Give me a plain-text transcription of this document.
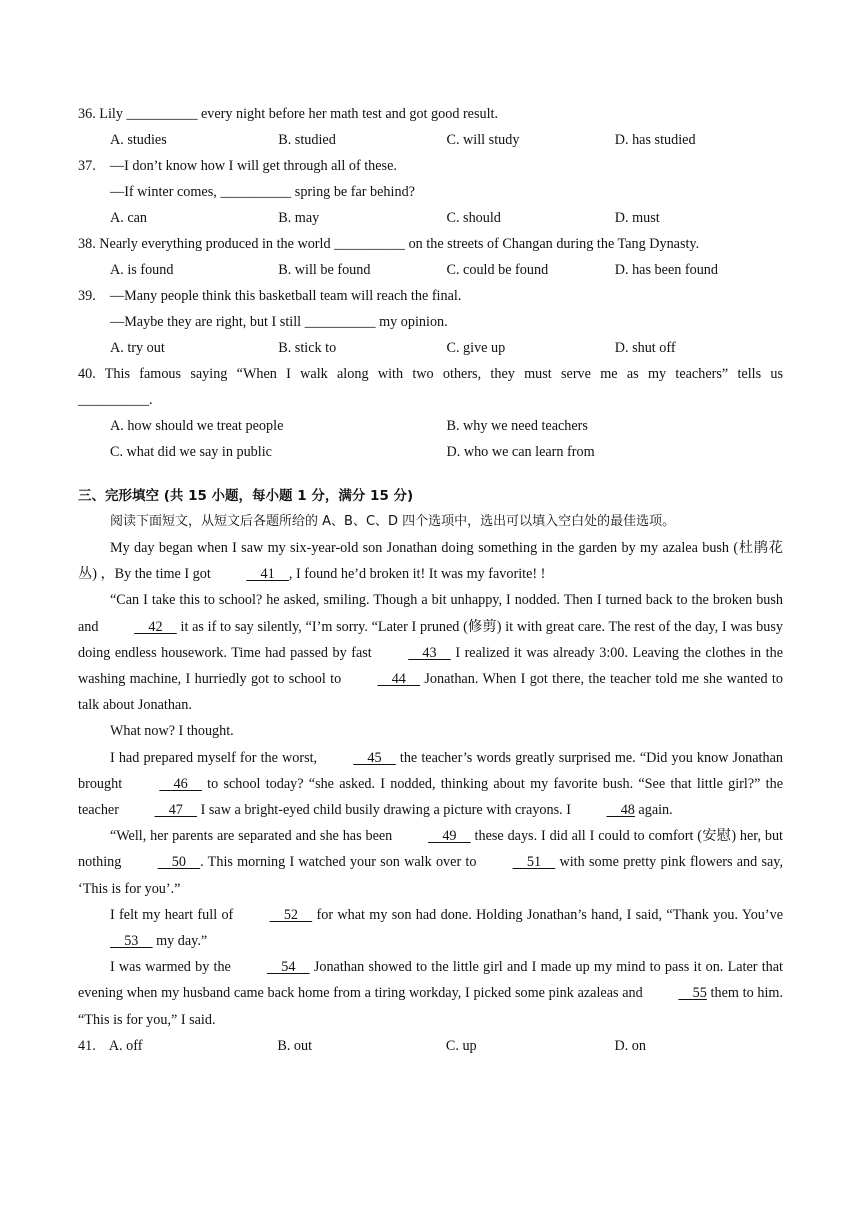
36. Lily __________ every night before her math test and got good result.
A. studies	B. studied	C. will study	D. has studied
37.    —I don’t know how I will get through all of these.
—If winter comes, __________ spring be far behind?
A. can	B. may	C. should	D. must
38. Nearly everything produced in the world __________ on the streets of Changan during the Tang Dynasty.
A. is found	B. will be found	C. could be found	D. has been found
39.    —Many people think this basketball team will reach the final.
—Maybe they are right, but I still __________ my opinion.
A. try out	B. stick to	C. give up	D. shut off
40. This famous saying “When I walk along with two others, they must serve me as my teachers” tells us
__________.
A. how should we treat people	B. why we need teachers
C. what did we say in public	D. who we can learn from
三、完形填空 (共 15 小题，每小题 1 分，满分 15 分)
阅读下面短文，从短文后各题所给的 A、B、C、D 四个选项中，选出可以填入空白处的最佳选项。
My day began when I saw my six-year-old son Jonathan doing something in the garden by my azalea bush (杜鹃花丛) ，By the time I got     41    , I found he’d broken it! It was my favorite! !
“Can I take this to school? he asked, smiling. Though a bit unhappy, I nodded. Then I turned back to the broken bush and     42     it as if to say silently, “I’m sorry. “Later I pruned (修剪) it with great care. The rest of the day, I was busy doing endless housework. Time had passed by fast     43     I realized it was already 3:00. Leaving the clothes in the washing machine, I hurriedly got to school to     44     Jonathan. When I got there, the teacher told me she wanted to talk about Jonathan.
What now? I thought.
I had prepared myself for the worst,     45     the teacher’s words greatly surprised me. “Did you know Jonathan brought     46     to school today? “she asked. I nodded, thinking about my favorite bush. “See that little girl?” the teacher     47     I saw a bright-eyed child busily drawing a picture with crayons. I     48 again.
“Well, her parents are separated and she has been     49     these days. I did all I could to comfort (安慰) her, but nothing     50    . This morning I watched your son walk over to     51     with some pretty pink flowers and say, ‘This is for you’.”
I felt my heart full of     52     for what my son had done. Holding Jonathan’s hand, I said, “Thank you. You’ve     53     my day.”
I was warmed by the     54     Jonathan showed to the little girl and I made up my mind to pass it on. Later that evening when my husband came back home from a tiring workday, I picked some pink azaleas and     55 them to him. “This is for you,” I said.
41. A. off	B. out	C. up	D. on
